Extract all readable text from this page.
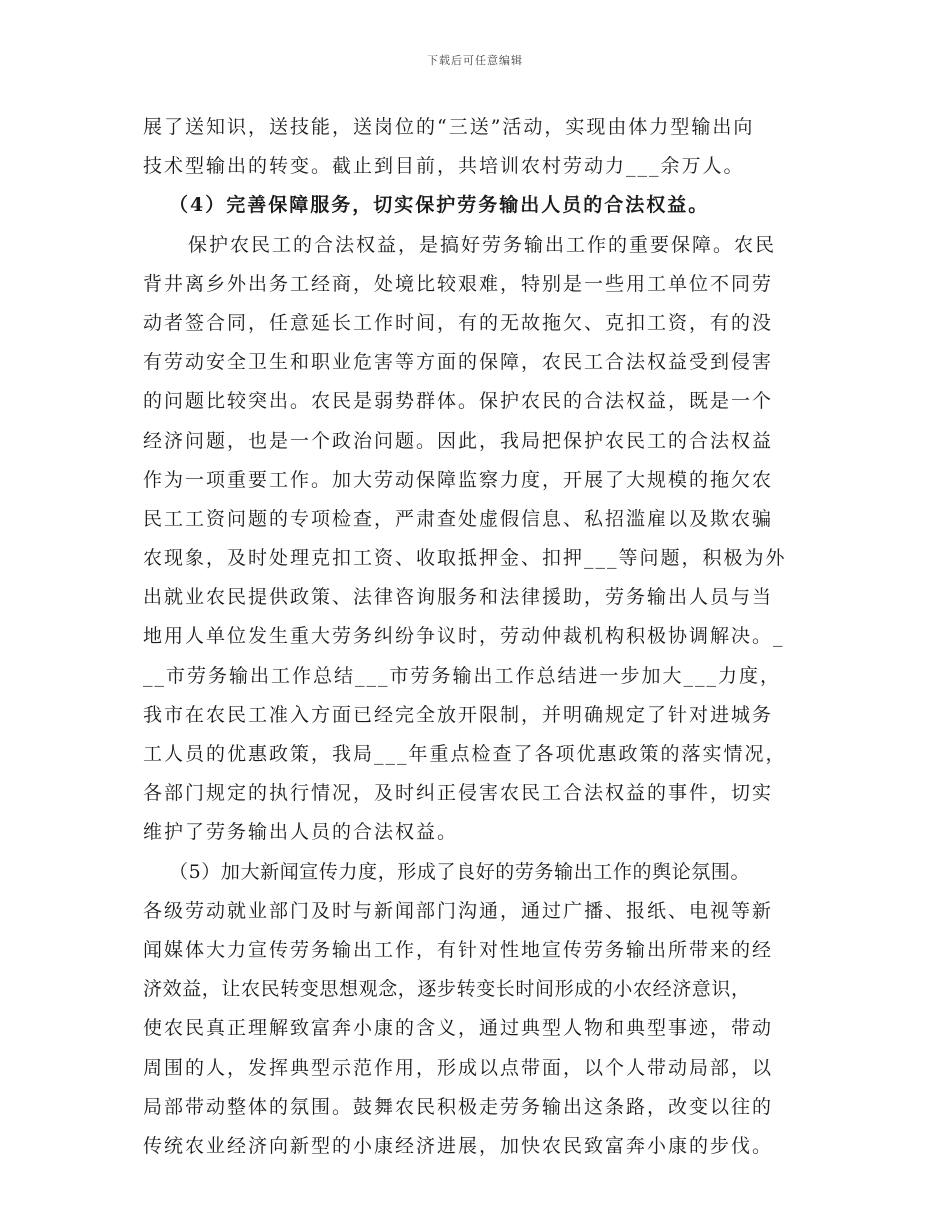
下载后可任意编辑
展了送知识，送技能，送岗位的“三送”活动，实现由体力型输出向
技术型输出的转变。截止到目前，共培训农村劳动力___余万人。
（4）完善保障服务，切实保护劳务输出人员的合法权益。
保护农民工的合法权益，是搞好劳务输出工作的重要保障。农民
背井离乡外出务工经商，处境比较艰难，特别是一些用工单位不同劳
动者签合同，任意延长工作时间，有的无故拖欠、克扣工资，有的没
有劳动安全卫生和职业危害等方面的保障，农民工合法权益受到侵害
的问题比较突出。农民是弱势群体。保护农民的合法权益，既是一个
经济问题，也是一个政治问题。因此，我局把保护农民工的合法权益
作为一项重要工作。加大劳动保障监察力度，开展了大规模的拖欠农
民工工资问题的专项检查，严肃查处虚假信息、私招滥雇以及欺农骗
农现象，及时处理克扣工资、收取抵押金、扣押___等问题，积极为外
出就业农民提供政策、法律咨询服务和法律援助，劳务输出人员与当
地用人单位发生重大劳务纠纷争议时，劳动仲裁机构积极协调解决。_
__市劳务输出工作总结___市劳务输出工作总结进一步加大___力度，
我市在农民工准入方面已经完全放开限制，并明确规定了针对进城务
工人员的优惠政策，我局___年重点检查了各项优惠政策的落实情况，
各部门规定的执行情况，及时纠正侵害农民工合法权益的事件，切实
维护了劳务输出人员的合法权益。
（5）加大新闻宣传力度，形成了良好的劳务输出工作的舆论氛围。
各级劳动就业部门及时与新闻部门沟通，通过广播、报纸、电视等新
闻媒体大力宣传劳务输出工作，有针对性地宣传劳务输出所带来的经
济效益，让农民转变思想观念，逐步转变长时间形成的小农经济意识，
使农民真正理解致富奔小康的含义，通过典型人物和典型事迹，带动
周围的人，发挥典型示范作用，形成以点带面，以个人带动局部，以
局部带动整体的氛围。鼓舞农民积极走劳务输出这条路，改变以往的
传统农业经济向新型的小康经济进展，加快农民致富奔小康的步伐。
